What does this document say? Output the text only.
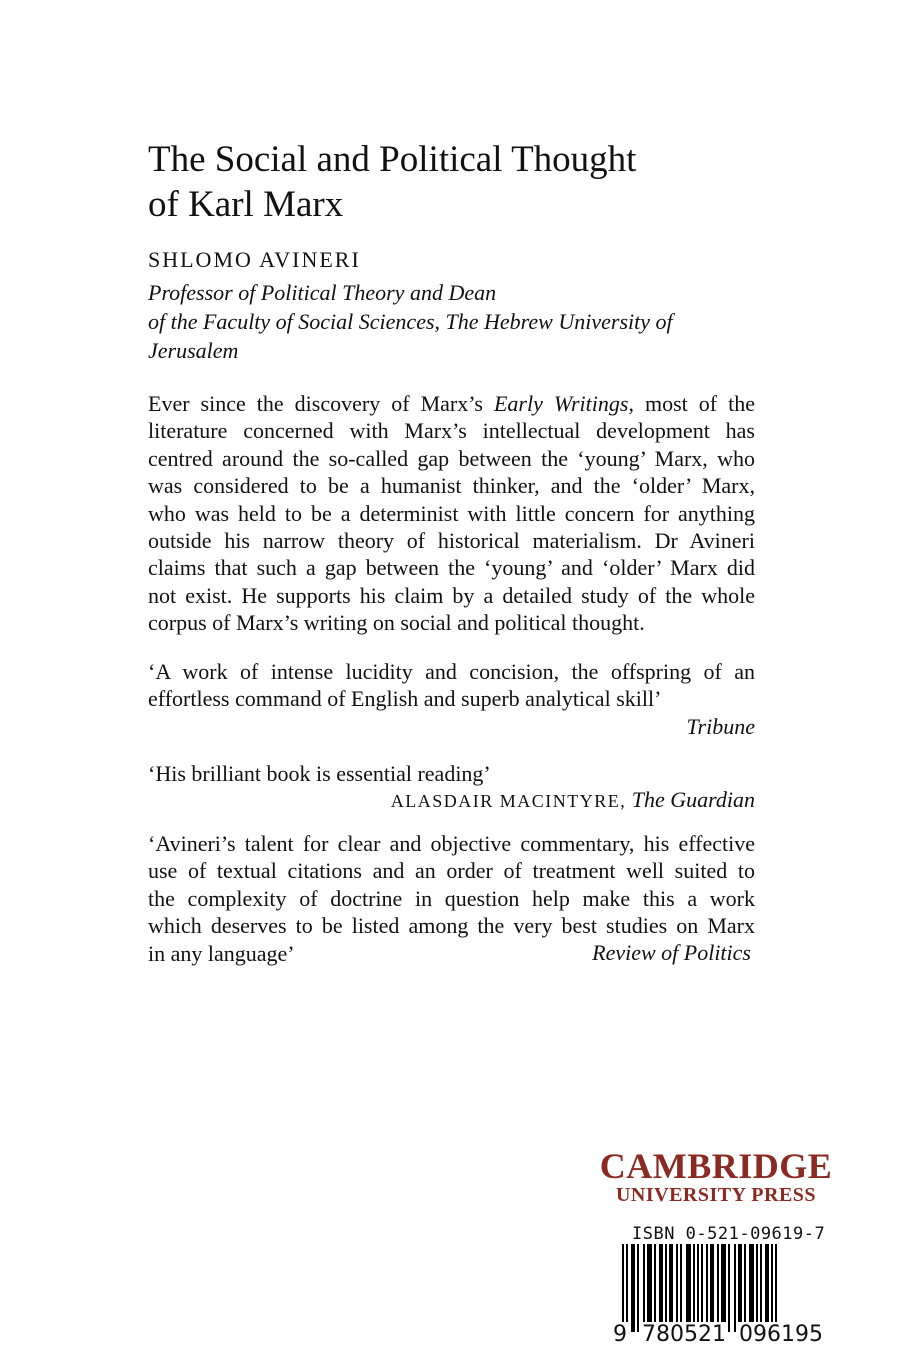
The Social and Political Thought
of Karl Marx
SHLOMO AVINERI
Professor of Political Theory and Dean
of the Faculty of Social Sciences, The Hebrew University of
Jerusalem
Ever since the discovery of Marx’s Early Writings, most of the
literature concerned with Marx’s intellectual development has
centred around the so-called gap between the ‘young’ Marx, who
was considered to be a humanist thinker, and the ‘older’ Marx,
who was held to be a determinist with little concern for anything
outside his narrow theory of historical materialism. Dr Avineri
claims that such a gap between the ‘young’ and ‘older’ Marx did
not exist. He supports his claim by a detailed study of the whole
corpus of Marx’s writing on social and political thought.
‘A work of intense lucidity and concision, the offspring of an
effortless command of English and superb analytical skill’
Tribune
‘His brilliant book is essential reading’
ALASDAIR MACINTYRE, The Guardian
‘Avineri’s talent for clear and objective commentary, his effective
use of textual citations and an order of treatment well suited to
the complexity of doctrine in question help make this a work
which deserves to be listed among the very best studies on Marx
in any language’	Review of Politics
CAMBRIDGE
UNIVERSITY PRESS
ISBN 0-521-09619-7
9 780521 096195
